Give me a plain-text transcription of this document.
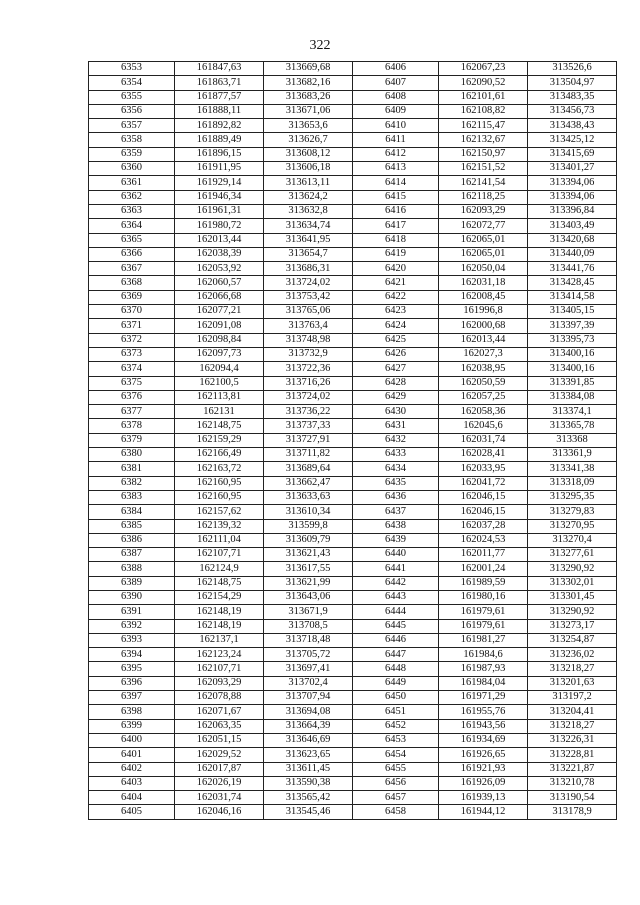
322
6353	161847,63	313669,68	6406	162067,23	313526,6
6354	161863,71	313682,16	6407	162090,52	313504,97
6355	161877,57	313683,26	6408	162101,61	313483,35
6356	161888,11	313671,06	6409	162108,82	313456,73
6357	161892,82	313653,6	6410	162115,47	313438,43
6358	161889,49	313626,7	6411	162132,67	313425,12
6359	161896,15	313608,12	6412	162150,97	313415,69
6360	161911,95	313606,18	6413	162151,52	313401,27
6361	161929,14	313613,11	6414	162141,54	313394,06
6362	161946,34	313624,2	6415	162118,25	313394,06
6363	161961,31	313632,8	6416	162093,29	313396,84
6364	161980,72	313634,74	6417	162072,77	313403,49
6365	162013,44	313641,95	6418	162065,01	313420,68
6366	162038,39	313654,7	6419	162065,01	313440,09
6367	162053,92	313686,31	6420	162050,04	313441,76
6368	162060,57	313724,02	6421	162031,18	313428,45
6369	162066,68	313753,42	6422	162008,45	313414,58
6370	162077,21	313765,06	6423	161996,8	313405,15
6371	162091,08	313763,4	6424	162000,68	313397,39
6372	162098,84	313748,98	6425	162013,44	313395,73
6373	162097,73	313732,9	6426	162027,3	313400,16
6374	162094,4	313722,36	6427	162038,95	313400,16
6375	162100,5	313716,26	6428	162050,59	313391,85
6376	162113,81	313724,02	6429	162057,25	313384,08
6377	162131	313736,22	6430	162058,36	313374,1
6378	162148,75	313737,33	6431	162045,6	313365,78
6379	162159,29	313727,91	6432	162031,74	313368
6380	162166,49	313711,82	6433	162028,41	313361,9
6381	162163,72	313689,64	6434	162033,95	313341,38
6382	162160,95	313662,47	6435	162041,72	313318,09
6383	162160,95	313633,63	6436	162046,15	313295,35
6384	162157,62	313610,34	6437	162046,15	313279,83
6385	162139,32	313599,8	6438	162037,28	313270,95
6386	162111,04	313609,79	6439	162024,53	313270,4
6387	162107,71	313621,43	6440	162011,77	313277,61
6388	162124,9	313617,55	6441	162001,24	313290,92
6389	162148,75	313621,99	6442	161989,59	313302,01
6390	162154,29	313643,06	6443	161980,16	313301,45
6391	162148,19	313671,9	6444	161979,61	313290,92
6392	162148,19	313708,5	6445	161979,61	313273,17
6393	162137,1	313718,48	6446	161981,27	313254,87
6394	162123,24	313705,72	6447	161984,6	313236,02
6395	162107,71	313697,41	6448	161987,93	313218,27
6396	162093,29	313702,4	6449	161984,04	313201,63
6397	162078,88	313707,94	6450	161971,29	313197,2
6398	162071,67	313694,08	6451	161955,76	313204,41
6399	162063,35	313664,39	6452	161943,56	313218,27
6400	162051,15	313646,69	6453	161934,69	313226,31
6401	162029,52	313623,65	6454	161926,65	313228,81
6402	162017,87	313611,45	6455	161921,93	313221,87
6403	162026,19	313590,38	6456	161926,09	313210,78
6404	162031,74	313565,42	6457	161939,13	313190,54
6405	162046,16	313545,46	6458	161944,12	313178,9
